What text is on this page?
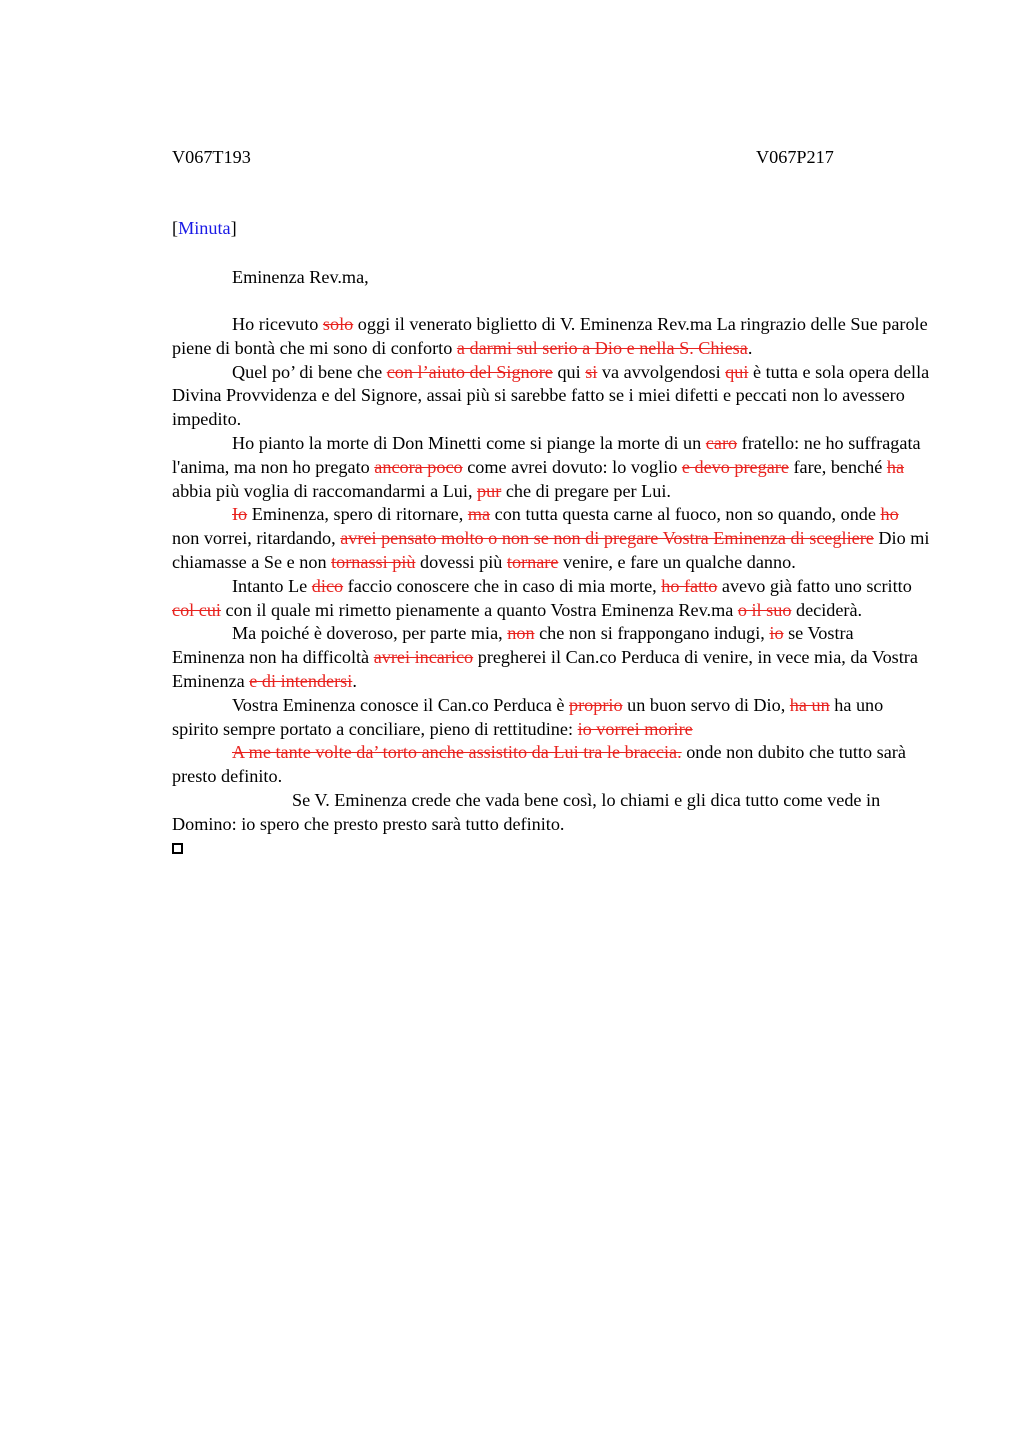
V067T193	V067P217
[Minuta]
Eminenza Rev.ma,

Ho ricevuto solo oggi il venerato biglietto di V. Eminenza Rev.ma La ringrazio delle Sue parole piene di bontà che mi sono di conforto a darmi sul serio a Dio e nella S. Chiesa.

Quel po’ di bene che con l’aiuto del Signore qui si va avvolgendosi qui è tutta e sola opera della Divina Provvidenza e del Signore, assai più si sarebbe fatto se i miei difetti e peccati non lo avessero impedito.

Ho pianto la morte di Don Minetti come si piange la morte di un caro fratello: ne ho suffragata l'anima, ma non ho pregato ancora poco come avrei dovuto: lo voglio e devo pregare fare, benché ha abbia più voglia di raccomandarmi a Lui, pur che di pregare per Lui.

Io Eminenza, spero di ritornare, ma con tutta questa carne al fuoco, non so quando, onde ho non vorrei, ritardando, avrei pensato molto o non se non di pregare Vostra Eminenza di scegliere Dio mi chiamasse a Se e non tornassi più dovessi più tornare venire, e fare un qualche danno.

Intanto Le dico faccio conoscere che in caso di mia morte, ho fatto avevo già fatto uno scritto col cui con il quale mi rimetto pienamente a quanto Vostra Eminenza Rev.ma o il suo deciderà.

Ma poiché è doveroso, per parte mia, non che non si frappongano indugi, io se Vostra Eminenza non ha difficoltà avrei incarico pregherei il Can.co Perduca di venire, in vece mia, da Vostra Eminenza e di intendersi.

Vostra Eminenza conosce il Can.co Perduca è proprio un buon servo di Dio, ha un ha uno spirito sempre portato a conciliare, pieno di rettitudine: io vorrei morire

A me tante volte da’ torto anche assistito da Lui tra le braccia. onde non dubito che tutto sarà presto definito.

Se V. Eminenza crede che vada bene così, lo chiami e gli dica tutto come vede in Domino: io spero che presto presto sarà tutto definito.
